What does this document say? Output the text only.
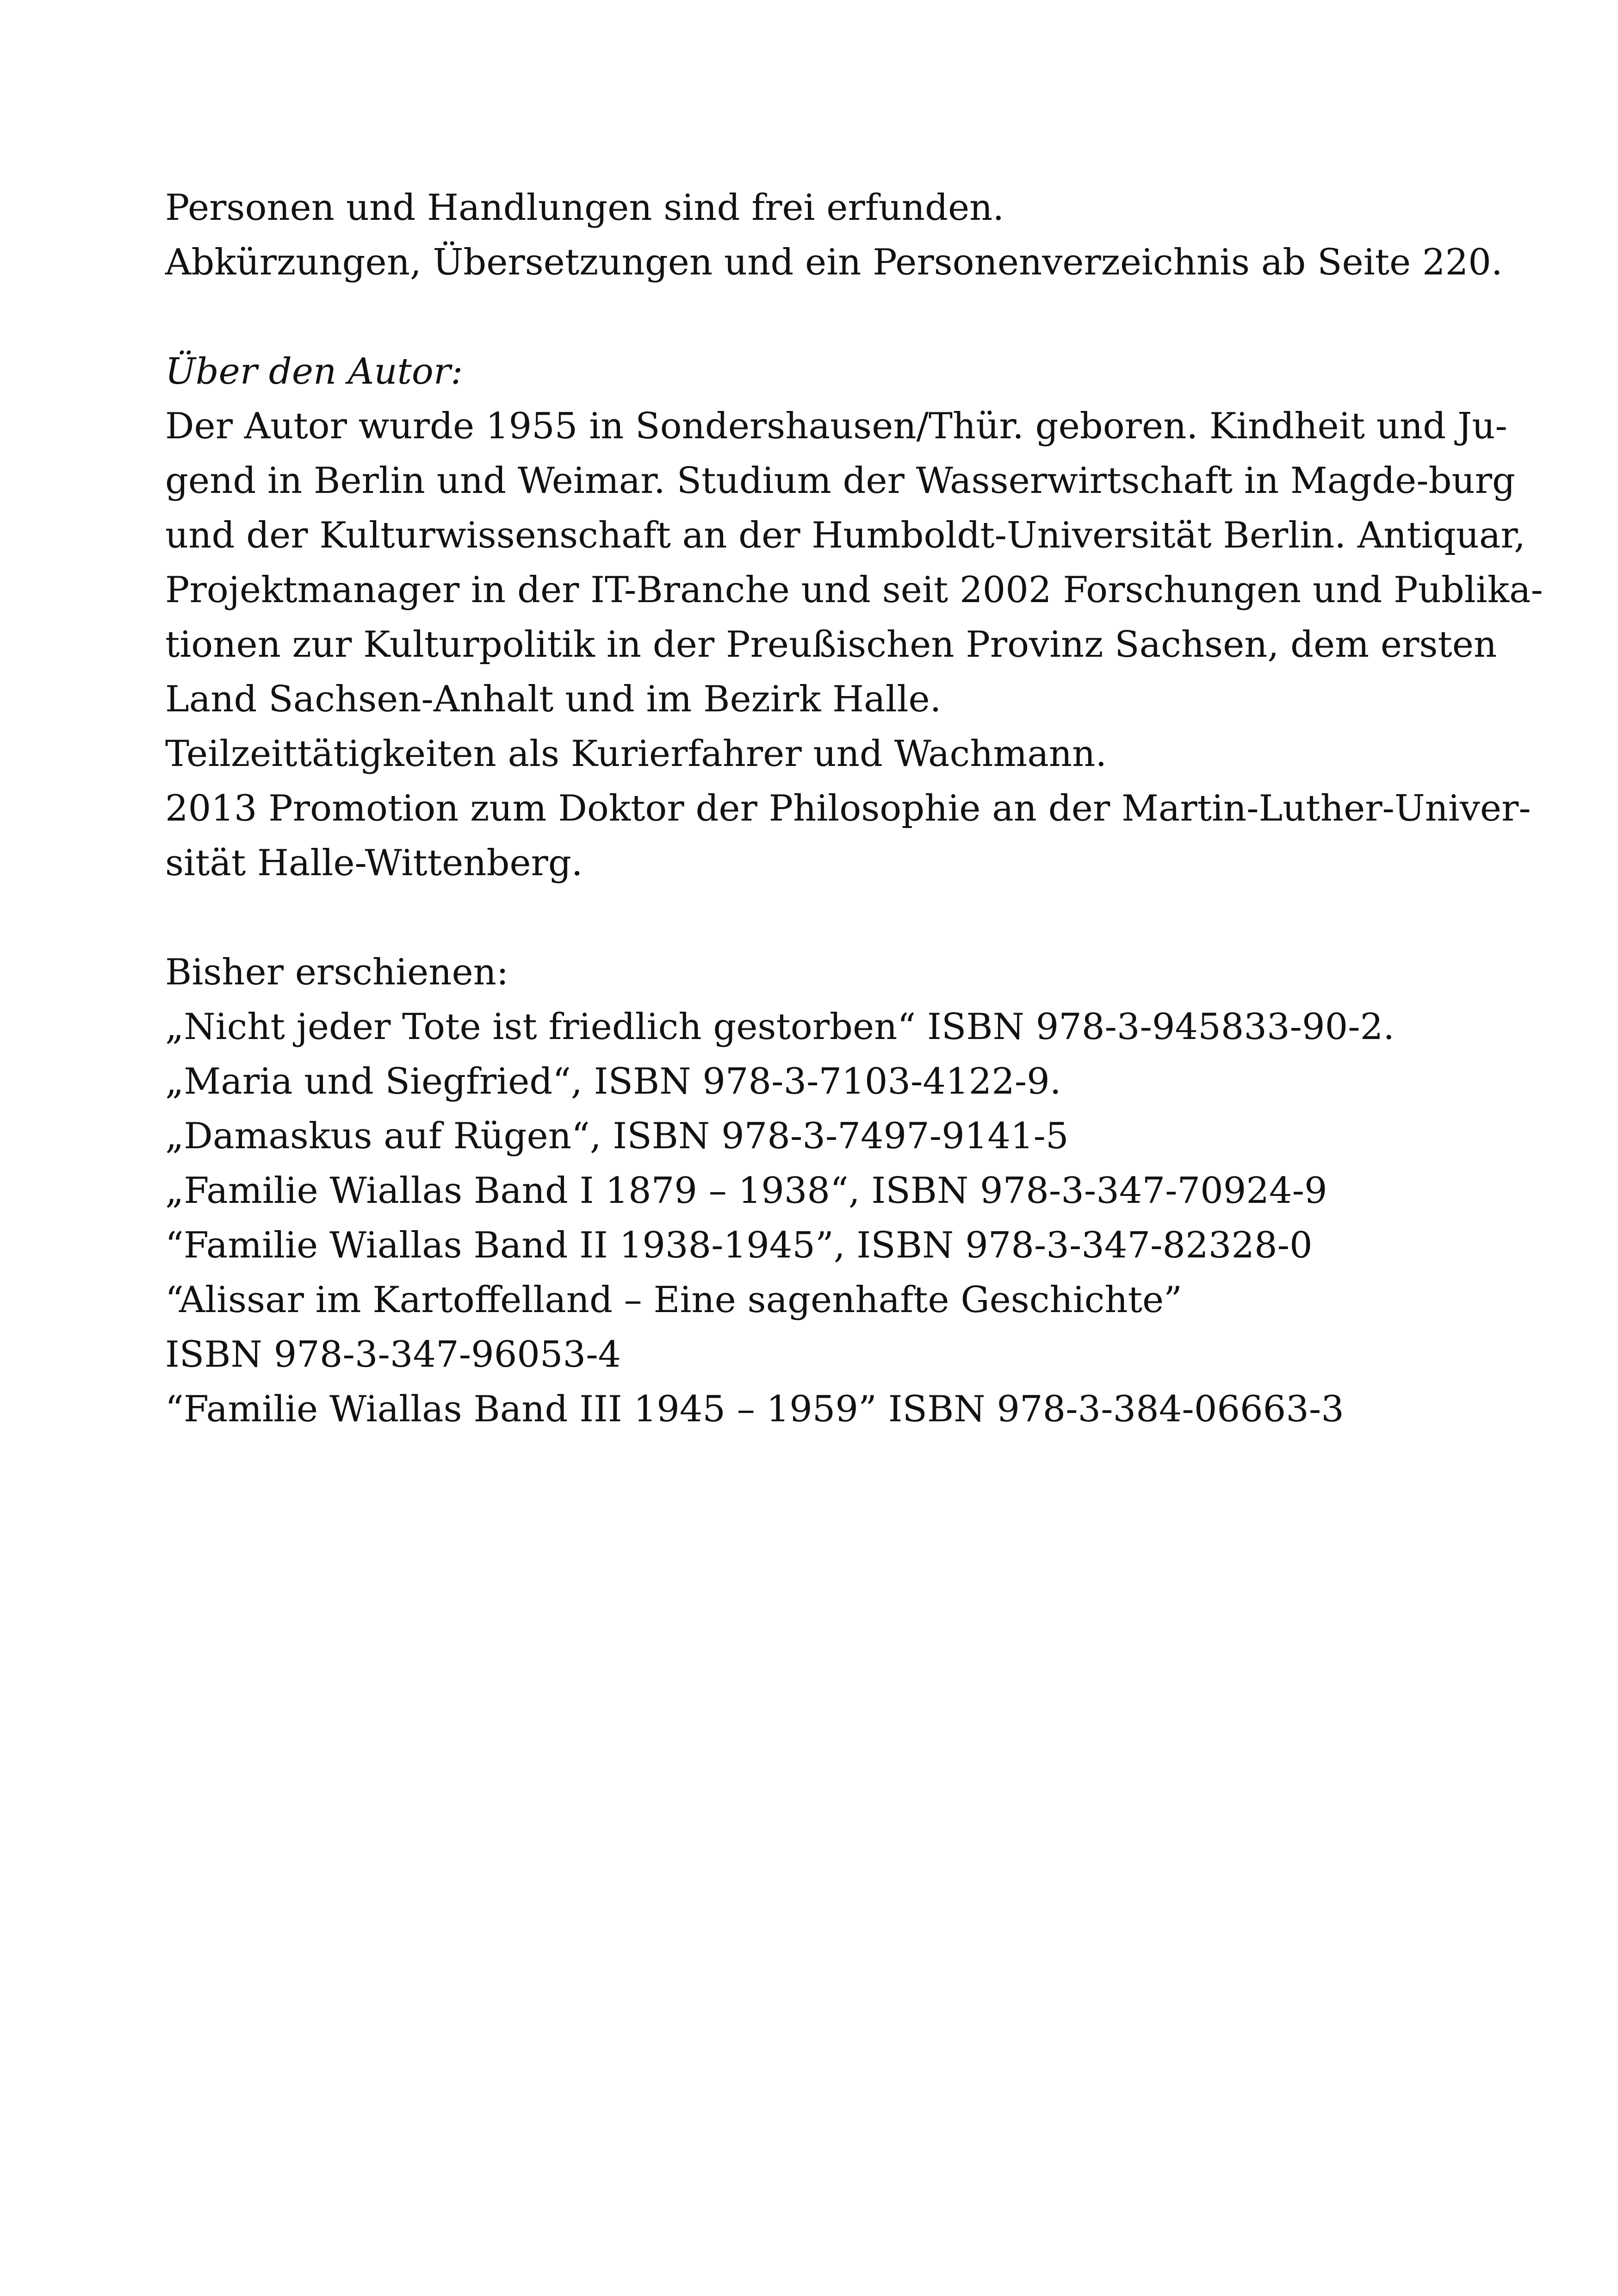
Personen und Handlungen sind frei erfunden.
Abkürzungen, Übersetzungen und ein Personenverzeichnis ab Seite 220.
Über den Autor:
Der Autor wurde 1955 in Sondershausen/Thür. geboren. Kindheit und Ju-
gend in Berlin und Weimar. Studium der Wasserwirtschaft in Magde-burg
und der Kulturwissenschaft an der Humboldt-Universität Berlin. Antiquar,
Projektmanager in der IT-Branche und seit 2002 Forschungen und Publika-
tionen zur Kulturpolitik in der Preußischen Provinz Sachsen, dem ersten
Land Sachsen-Anhalt und im Bezirk Halle.
Teilzeittätigkeiten als Kurierfahrer und Wachmann.
2013 Promotion zum Doktor der Philosophie an der Martin-Luther-Univer-
sität Halle-Wittenberg.
Bisher erschienen:
„Nicht jeder Tote ist friedlich gestorben“ ISBN 978-3-945833-90-2.
„Maria und Siegfried“, ISBN 978-3-7103-4122-9.
„Damaskus auf Rügen“, ISBN 978-3-7497-9141-5
„Familie Wiallas Band I 1879 – 1938“, ISBN 978-3-347-70924-9
“Familie Wiallas Band II 1938-1945”, ISBN 978-3-347-82328-0
“Alissar im Kartoffelland – Eine sagenhafte Geschichte”
ISBN 978-3-347-96053-4
“Familie Wiallas Band III 1945 – 1959” ISBN 978-3-384-06663-3
